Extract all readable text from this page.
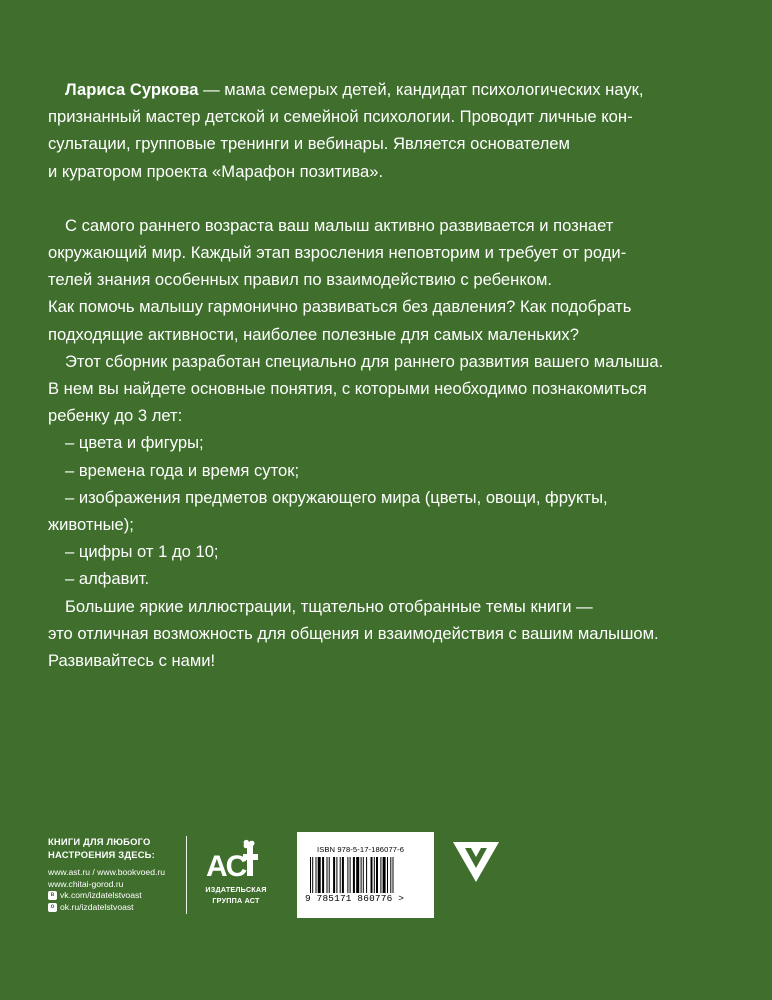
Лариса Суркова — мама семерых детей, кандидат психологических наук,

признанный мастер детской и семейной психологии. Проводит личные кон-

сультации, групповые тренинги и вебинары. Является основателем

и куратором проекта «Марафон позитива».

С самого раннего возраста ваш малыш активно развивается и познает

окружающий мир. Каждый этап взросления неповторим и требует от роди-

телей знания особенных правил по взаимодействию с ребенком.

Как помочь малышу гармонично развиваться без давления? Как подобрать

подходящие активности, наиболее полезные для самых маленьких?

Этот сборник разработан специально для раннего развития вашего малыша.

В нем вы найдете основные понятия, с которыми необходимо познакомиться

ребенку до 3 лет:

– цвета и фигуры;

– времена года и время суток;

– изображения предметов окружающего мира (цветы, овощи, фрукты,

животные);

– цифры от 1 до 10;

– алфавит.

Большие яркие иллюстрации, тщательно отобранные темы книги —

это отличная возможность для общения и взаимодействия с вашим малышом.

Развивайтесь с нами!

КНИГИ ДЛЯ ЛЮБОГО
НАСТРОЕНИЯ ЗДЕСЬ:
www.ast.ru / www.bookvoed.ru
www.chitai-gorod.ru
в vk.com/izdatelstvoast
о ok.ru/izdatelstvoast
AC
ИЗДАТЕЛЬСКАЯ
ГРУППА АСТ
ISBN 978-5-17-186077-6
9 785171 860776 >
